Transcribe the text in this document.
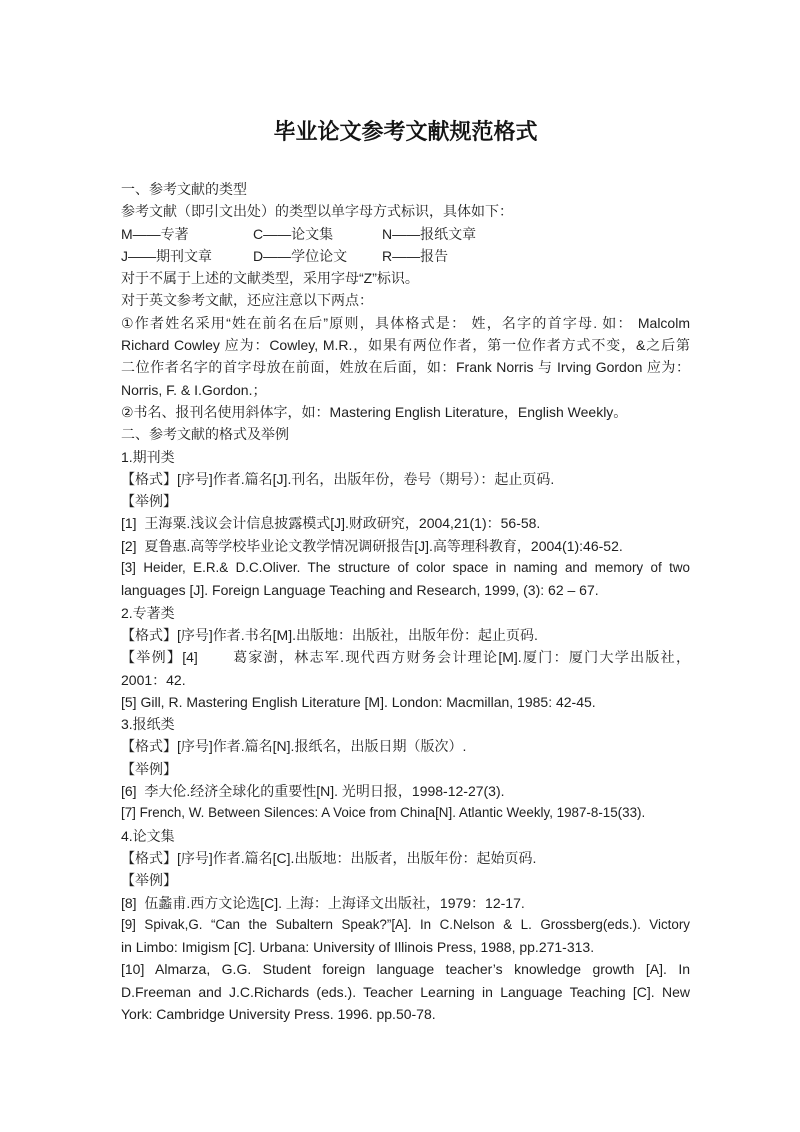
毕业论文参考文献规范格式
一、参考文献的类型
参考文献（即引文出处）的类型以单字母方式标识，具体如下：
M——专著	C——论文集	N——报纸文章
J——期刊文章	D——学位论文 R——报告
对于不属于上述的文献类型，采用字母“Z”标识。
对于英文参考文献，还应注意以下两点：
①作者姓名采用“姓在前名在后”原则，具体格式是： 姓，名字的首字母. 如： Malcolm
Richard Cowley 应为：Cowley, M.R.，如果有两位作者，第一位作者方式不变，&之后第
二位作者名字的首字母放在前面，姓放在后面，如：Frank Norris 与 Irving Gordon 应为：
Norris, F. & I.Gordon.；
②书名、报刊名使用斜体字，如：Mastering English Literature，English Weekly。
二、参考文献的格式及举例
1.期刊类
【格式】[序号]作者.篇名[J].刊名，出版年份，卷号（期号）：起止页码.
【举例】
[1]  王海粟.浅议会计信息披露模式[J].财政研究，2004,21(1)：56-58.
[2]  夏鲁惠.高等学校毕业论文教学情况调研报告[J].高等理科教育，2004(1):46-52.
[3] Heider, E.R.& D.C.Oliver. The structure of color space in naming and memory of two
languages [J]. Foreign Language Teaching and Research, 1999, (3): 62 – 67.
2.专著类
【格式】[序号]作者.书名[M].出版地：出版社，出版年份：起止页码.
【举例】[4] 葛家澍，林志军.现代西方财务会计理论[M].厦门：厦门大学出版社，
2001：42.
[5] Gill, R. Mastering English Literature [M]. London: Macmillan, 1985: 42-45.
3.报纸类
【格式】[序号]作者.篇名[N].报纸名，出版日期（版次）.
【举例】
[6]  李大伦.经济全球化的重要性[N]. 光明日报，1998-12-27(3).
[7] French, W. Between Silences: A Voice from China[N]. Atlantic Weekly, 1987-8-15(33).
4.论文集
【格式】[序号]作者.篇名[C].出版地：出版者，出版年份：起始页码.
【举例】
[8]  伍蠡甫.西方文论选[C]. 上海：上海译文出版社，1979：12-17.
[9] Spivak,G. “Can the Subaltern Speak?”[A]. In C.Nelson & L. Grossberg(eds.). Victory
in Limbo: Imigism [C]. Urbana: University of Illinois Press, 1988, pp.271-313.
[10] Almarza, G.G. Student foreign language teacher’s knowledge growth [A]. In
D.Freeman and J.C.Richards (eds.). Teacher Learning in Language Teaching [C]. New
York: Cambridge University Press. 1996. pp.50-78.
